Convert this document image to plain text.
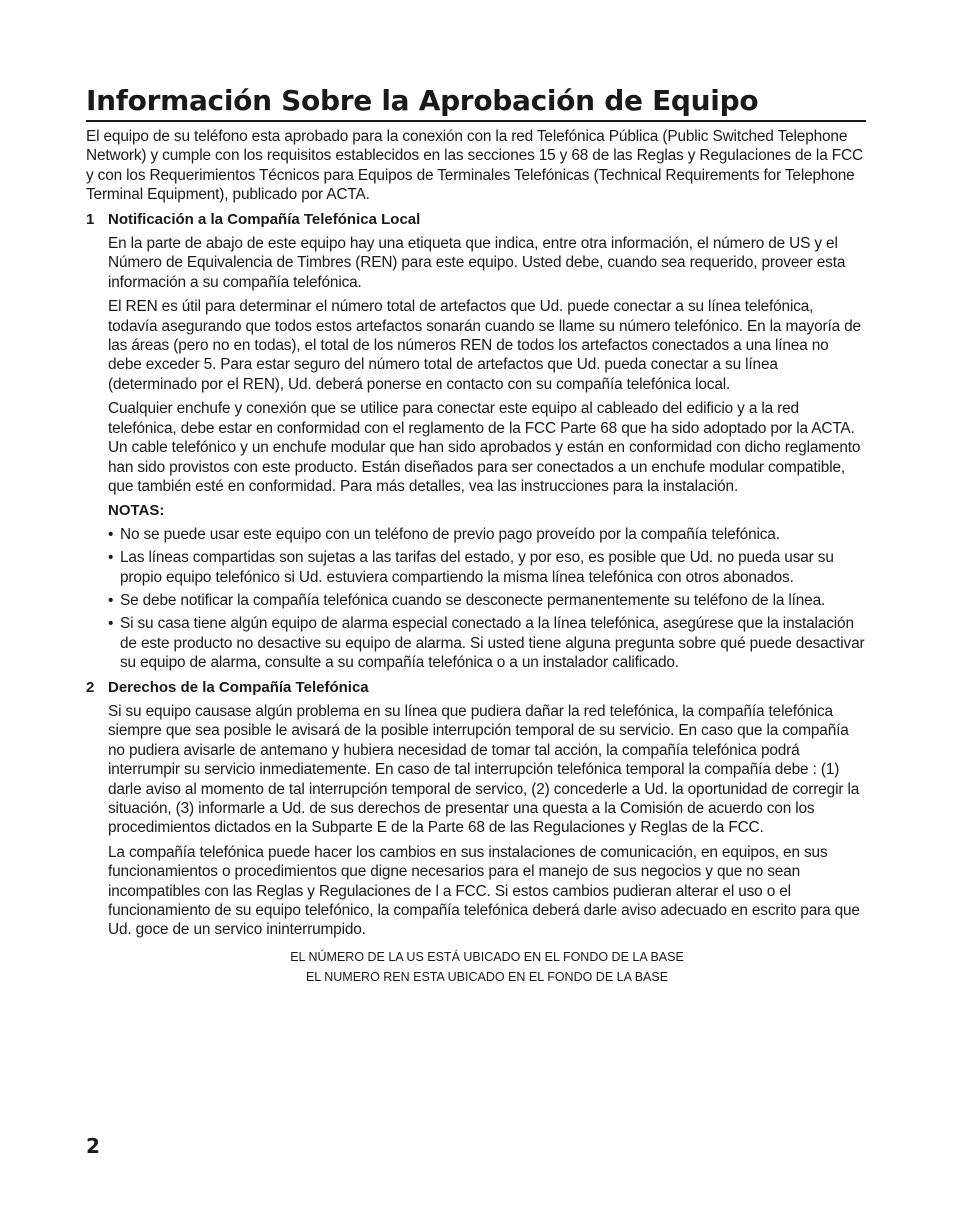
Información Sobre la Aprobación de Equipo

El equipo de su teléfono esta aprobado para la conexión con la red Telefónica Pública (Public Switched Telephone Network) y cumple con los requisitos establecidos en las secciones 15 y 68 de las Reglas y Regulaciones de la FCC y con los Requerimientos Técnicos para Equipos de Terminales Telefónicas (Technical Requirements for Telephone Terminal Equipment), publicado por ACTA.

1 Notificación a la Compañía Telefónica Local

En la parte de abajo de este equipo hay una etiqueta que indica, entre otra información, el número de US y el Número de Equivalencia de Timbres (REN) para este equipo. Usted debe, cuando sea requerido, proveer esta información a su compañía telefónica.

El REN es útil para determinar el número total de artefactos que Ud. puede conectar a su línea telefónica, todavía asegurando que todos estos artefactos sonarán cuando se llame su número telefónico. En la mayoría de las áreas (pero no en todas), el total de los números REN de todos los artefactos conectados a una línea no debe exceder 5. Para estar seguro del número total de artefactos que Ud. pueda conectar a su línea (determinado por el REN), Ud. deberá ponerse en contacto con su compañía telefónica local.

Cualquier enchufe y conexión que se utilice para conectar este equipo al cableado del edificio y a la red telefónica, debe estar en conformidad con el reglamento de la FCC Parte 68 que ha sido adoptado por la ACTA. Un cable telefónico y un enchufe modular que han sido aprobados y están en conformidad con dicho reglamento han sido provistos con este producto. Están diseñados para ser conectados a un enchufe modular compatible, que también esté en conformidad. Para más detalles, vea las instrucciones para la instalación.

NOTAS:
• No se puede usar este equipo con un teléfono de previo pago proveído por la compañía telefónica.
• Las líneas compartidas son sujetas a las tarifas del estado, y por eso, es posible que Ud. no pueda usar su propio equipo telefónico si Ud. estuviera compartiendo la misma línea telefónica con otros abonados.
• Se debe notificar la compañía telefónica cuando se desconecte permanentemente su teléfono de la línea.
• Si su casa tiene algún equipo de alarma especial conectado a la línea telefónica, asegúrese que la instalación de este producto no desactive su equipo de alarma. Si usted tiene alguna pregunta sobre qué puede desactivar su equipo de alarma, consulte a su compañía telefónica o a un instalador calificado.
2 Derechos de la Compañía Telefónica

Si su equipo causase algún problema en su línea que pudiera dañar la red telefónica, la compañía telefónica siempre que sea posible le avisará de la posible interrupción temporal de su servicio. En caso que la compañía no pudiera avisarle de antemano y hubiera necesidad de tomar tal acción, la compañía telefónica podrá interrumpir su servicio inmediatemente. En caso de tal interrupción telefónica temporal la compañía debe : (1) darle aviso al momento de tal interrupción temporal de servico, (2) concederle a Ud. la oportunidad de corregir la situación, (3) informarle a Ud. de sus derechos de presentar una questa a la Comisión de acuerdo con los procedimientos dictados en la Subparte E de la Parte 68 de las Regulaciones y Reglas de la FCC.

La compañía telefónica puede hacer los cambios en sus instalaciones de comunicación, en equipos, en sus funcionamientos o procedimientos que digne necesarios para el manejo de sus negocios y que no sean incompatibles con las Reglas y Regulaciones de l a FCC. Si estos cambios pudieran alterar el uso o el funcionamiento de su equipo telefónico, la compañía telefónica deberá darle aviso adecuado en escrito para que Ud. goce de un servico ininterrumpido.

EL NÚMERO DE LA US ESTÁ UBICADO EN EL FONDO DE LA BASE
EL NUMERO REN ESTA UBICADO EN EL FONDO DE LA BASE
2
